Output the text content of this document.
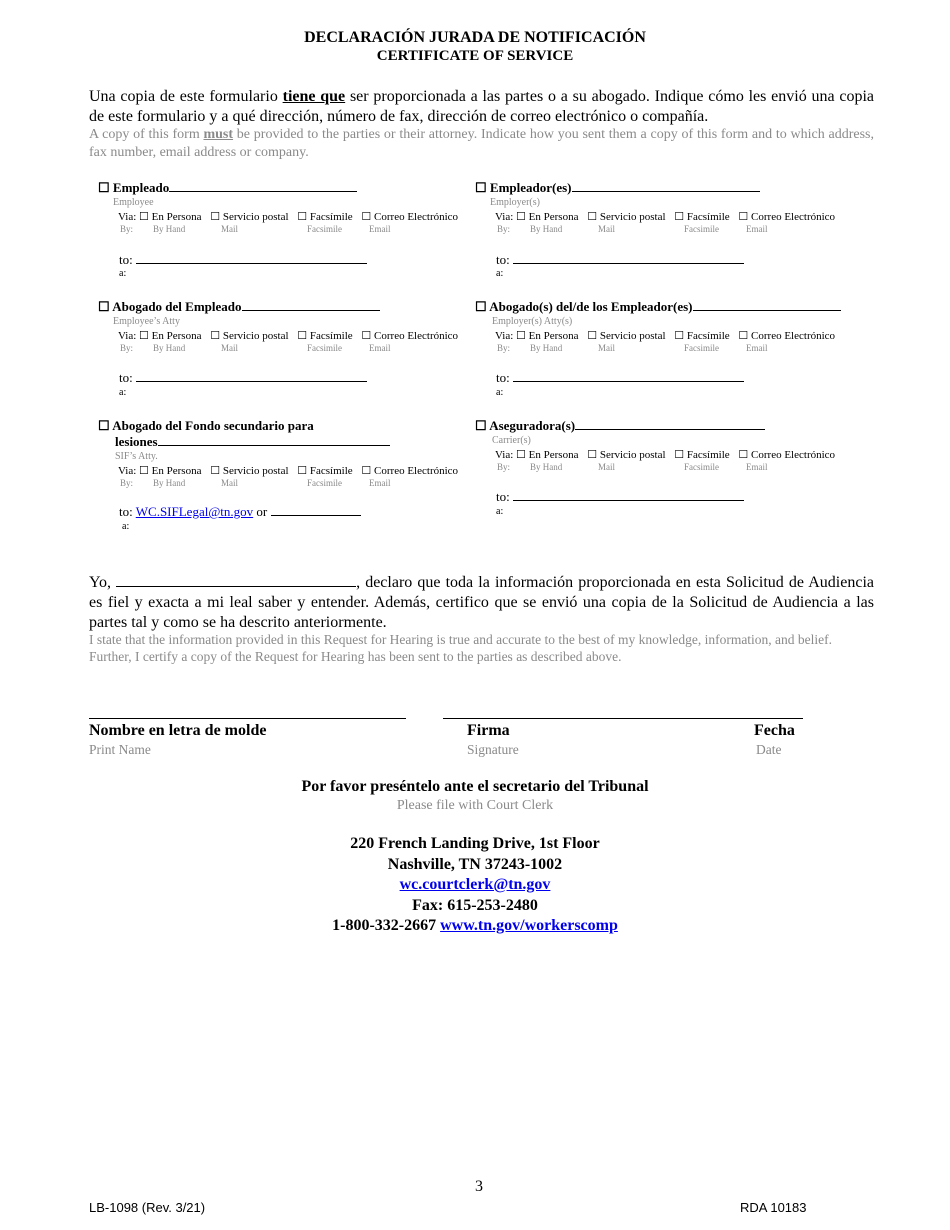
DECLARACIÓN JURADA DE NOTIFICACIÓN
CERTIFICATE OF SERVICE
Una copia de este formulario tiene que ser proporcionada a las partes o a su abogado. Indique cómo les envió una copia de este formulario y a qué dirección, número de fax, dirección de correo electrónico o compañía.
A copy of this form must be provided to the parties or their attorney. Indicate how you sent them a copy of this form and to which address, fax number, email address or company.
☐ Empleado
Employee
Via: ☐ En Persona ☐ Servicio postal ☐ Facsímile ☐ Correo Electrónico
By: By Hand	Mail	Facsimile	Email
to:
a:
☐ Abogado del Empleado
Employee’s Atty
Via: ☐ En Persona ☐ Servicio postal ☐ Facsímile ☐ Correo Electrónico
By: By Hand	Mail	Facsimile	Email
to:
a:
☐ Abogado del Fondo secundario para
lesiones
SIF’s Atty.
Via: ☐ En Persona ☐ Servicio postal ☐ Facsímile ☐ Correo Electrónico
By: By Hand	Mail	Facsimile	Email
to: WC.SIFLegal@tn.gov or
a:
☐ Empleador(es)
Employer(s)
Via: ☐ En Persona ☐ Servicio postal ☐ Facsímile ☐ Correo Electrónico
By: By Hand	Mail	Facsimile	Email
to:
a:
☐ Abogado(s) del/de los Empleador(es)
Employer(s) Atty(s)
Via: ☐ En Persona ☐ Servicio postal ☐ Facsímile ☐ Correo Electrónico
By: By Hand	Mail	Facsimile	Email
to:
a:
☐ Aseguradora(s)
Carrier(s)
Via: ☐ En Persona ☐ Servicio postal ☐ Facsímile ☐ Correo Electrónico
By: By Hand	Mail	Facsimile	Email
to:
a:
Yo,	, declaro que toda la información proporcionada en esta Solicitud de Audiencia es fiel y exacta a mi leal saber y entender. Además, certifico que se envió una copia de la Solicitud de Audiencia a las partes tal y como se ha descrito anteriormente.
I state that the information provided in this Request for Hearing is true and accurate to the best of my knowledge, information, and belief. Further, I certify a copy of the Request for Hearing has been sent to the parties as described above.
Nombre en letra de molde
Print Name
Firma
Signature
Fecha
Date
Por favor preséntelo ante el secretario del Tribunal
Please file with Court Clerk
220 French Landing Drive, 1st Floor
Nashville, TN 37243-1002
wc.courtclerk@tn.gov
Fax: 615-253-2480
1-800-332-2667 www.tn.gov/workerscomp
3
LB-1098 (Rev. 3/21)	RDA 10183
